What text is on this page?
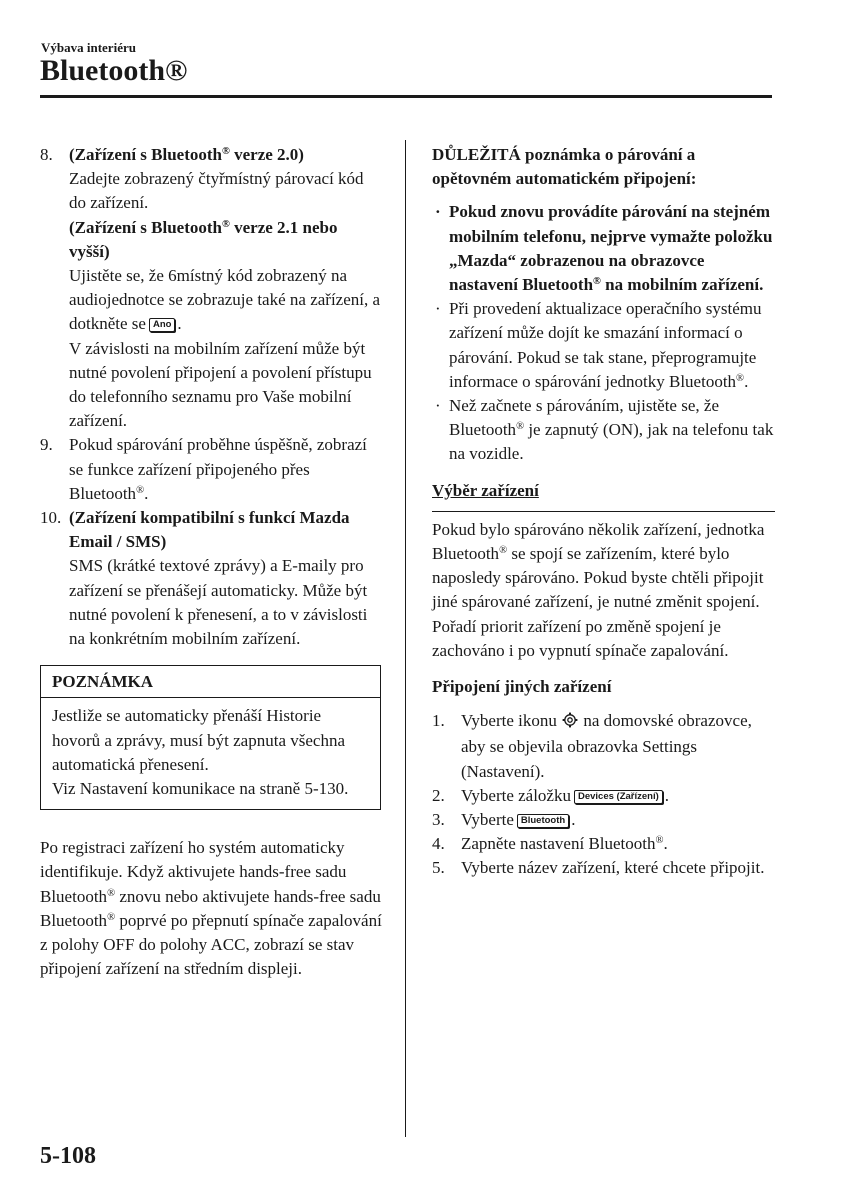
Výbava interiéru
Bluetooth®
8. (Zařízení s Bluetooth® verze 2.0)

Zadejte zobrazený čtyřmístný párovací kód do zařízení.

(Zařízení s Bluetooth® verze 2.1 nebo vyšší)

Ujistěte se, že 6místný kód zobrazený na audiojednotce se zobrazuje také na zařízení, a dotkněte se Ano .

V závislosti na mobilním zařízení může být nutné povolení připojení a povolení přístupu do telefonního seznamu pro Vaše mobilní zařízení.

9. Pokud spárování proběhne úspěšně, zobrazí se funkce zařízení připojeného přes Bluetooth®.

10. (Zařízení kompatibilní s funkcí Mazda Email / SMS)

SMS (krátké textové zprávy) a E-maily pro zařízení se přenášejí automaticky. Může být nutné povolení k přenesení, a to v závislosti na konkrétním mobilním zařízení.

POZNÁMKA

Jestliže se automaticky přenáší Historie hovorů a zprávy, musí být zapnuta všechna automatická přenesení.

Viz Nastavení komunikace na straně 5-130.

Po registraci zařízení ho systém automaticky identifikuje. Když aktivujete hands-free sadu Bluetooth® znovu nebo aktivujete hands-free sadu Bluetooth® poprvé po přepnutí spínače zapalování z polohy OFF do polohy ACC, zobrazí se stav připojení zařízení na středním displeji.

DŮLEŽITÁ poznámka o párování a opětovném automatickém připojení:

· Pokud znovu provádíte párování na stejném mobilním telefonu, nejprve vymažte položku „Mazda“ zobrazenou na obrazovce nastavení Bluetooth® na mobilním zařízení.
· Při provedení aktualizace operačního systému zařízení může dojít ke smazání informací o párování. Pokud se tak stane, přeprogramujte informace o spárování jednotky Bluetooth®.
· Než začnete s párováním, ujistěte se, že Bluetooth® je zapnutý (ON), jak na telefonu tak na vozidle.

Výběr zařízení

Pokud bylo spárováno několik zařízení, jednotka Bluetooth® se spojí se zařízením, které bylo naposledy spárováno. Pokud byste chtěli připojit jiné spárované zařízení, je nutné změnit spojení. Pořadí priorit zařízení po změně spojení je zachováno i po vypnutí spínače zapalování.

Připojení jiných zařízení

1. Vyberte ikonu  na domovské obrazovce, aby se objevila obrazovka Settings (Nastavení).
2. Vyberte záložku Devices (Zařízení) .
3. Vyberte Bluetooth .
4. Zapněte nastavení Bluetooth®.
5. Vyberte název zařízení, které chcete připojit.
5-108
